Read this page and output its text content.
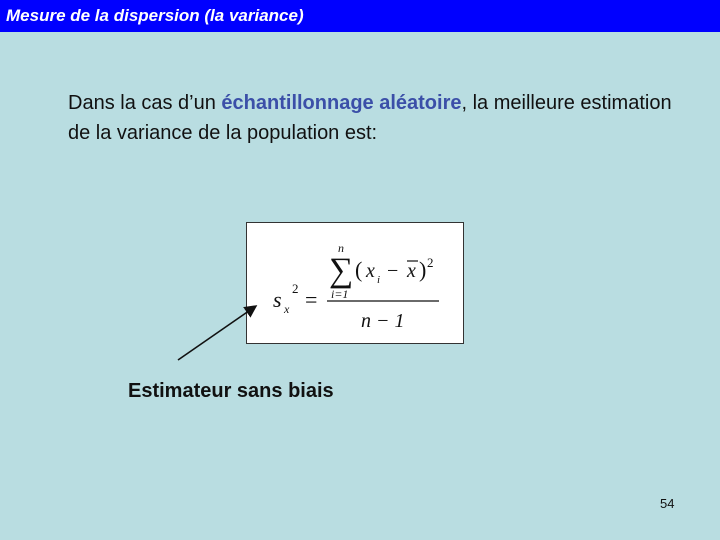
Mesure de la dispersion (la variance)
Dans la cas d’un échantillonnage aléatoire, la meilleure estimation de la variance de la population est:
s x
2 =
n
∑
i=1
( x i − x ) 2
n − 1
Estimateur sans biais
54
